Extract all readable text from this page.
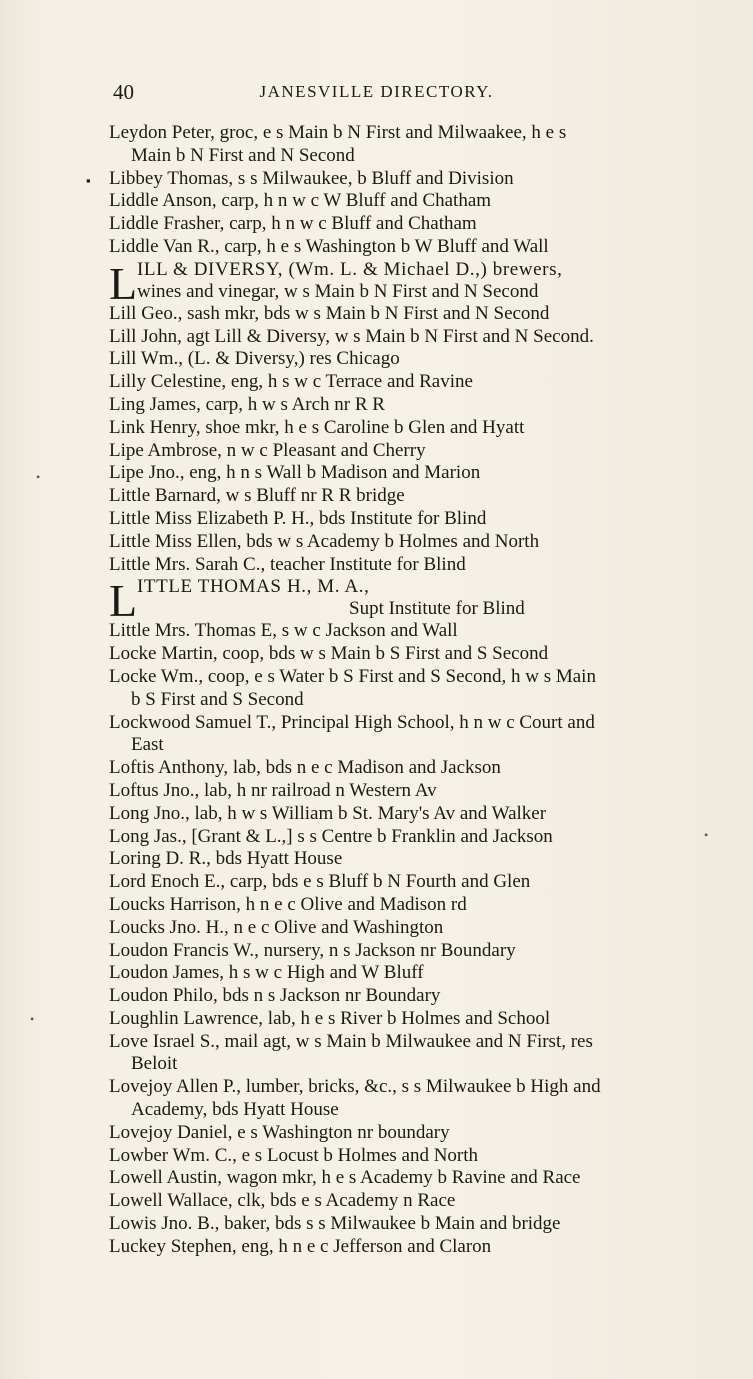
40	JANESVILLE DIRECTORY.
Leydon Peter, groc, e s Main b N First and Milwaakee, h e s
Main b N First and N Second
▪ Libbey Thomas, s s Milwaukee, b Bluff and Division
Liddle Anson, carp, h n w c W Bluff and Chatham
Liddle Frasher, carp, h n w c Bluff and Chatham
Liddle Van R., carp, h e s Washington b W Bluff and Wall
L ILL & DIVERSY, (Wm. L. & Michael D.,) brewers,
wines and vinegar, w s Main b N First and N Second
Lill Geo., sash mkr, bds w s Main b N First and N Second
Lill John, agt Lill & Diversy, w s Main b N First and N Second.
Lill Wm., (L. & Diversy,) res Chicago
Lilly Celestine, eng, h s w c Terrace and Ravine
Ling James, carp, h w s Arch nr R R
Link Henry, shoe mkr, h e s Caroline b Glen and Hyatt
Lipe Ambrose, n w c Pleasant and Cherry
Lipe Jno., eng, h n s Wall b Madison and Marion
Little Barnard, w s Bluff nr R R bridge
Little Miss Elizabeth P. H., bds Institute for Blind
Little Miss Ellen, bds w s Academy b Holmes and North
Little Mrs. Sarah C., teacher Institute for Blind
L ITTLE THOMAS H., M. A.,
Supt Institute for Blind
Little Mrs. Thomas E, s w c Jackson and Wall
Locke Martin, coop, bds w s Main b S First and S Second
Locke Wm., coop, e s Water b S First and S Second, h w s Main
b S First and S Second
Lockwood Samuel T., Principal High School, h n w c Court and
East
Loftis Anthony, lab, bds n e c Madison and Jackson
Loftus Jno., lab, h nr railroad n Western Av
Long Jno., lab, h w s William b St. Mary's Av and Walker
Long Jas., [Grant & L.,] s s Centre b Franklin and Jackson
Loring D. R., bds Hyatt House
Lord Enoch E., carp, bds e s Bluff b N Fourth and Glen
Loucks Harrison, h n e c Olive and Madison rd
Loucks Jno. H., n e c Olive and Washington
Loudon Francis W., nursery, n s Jackson nr Boundary
Loudon James, h s w c High and W Bluff
Loudon Philo, bds n s Jackson nr Boundary
Loughlin Lawrence, lab, h e s River b Holmes and School
Love Israel S., mail agt, w s Main b Milwaukee and N First, res
Beloit
Lovejoy Allen P., lumber, bricks, &c., s s Milwaukee b High and
Academy, bds Hyatt House
Lovejoy Daniel, e s Washington nr boundary
Lowber Wm. C., e s Locust b Holmes and North
Lowell Austin, wagon mkr, h e s Academy b Ravine and Race
Lowell Wallace, clk, bds e s Academy n Race
Lowis Jno. B., baker, bds s s Milwaukee b Main and bridge
Luckey Stephen, eng, h n e c Jefferson and Claron
•
•
•
